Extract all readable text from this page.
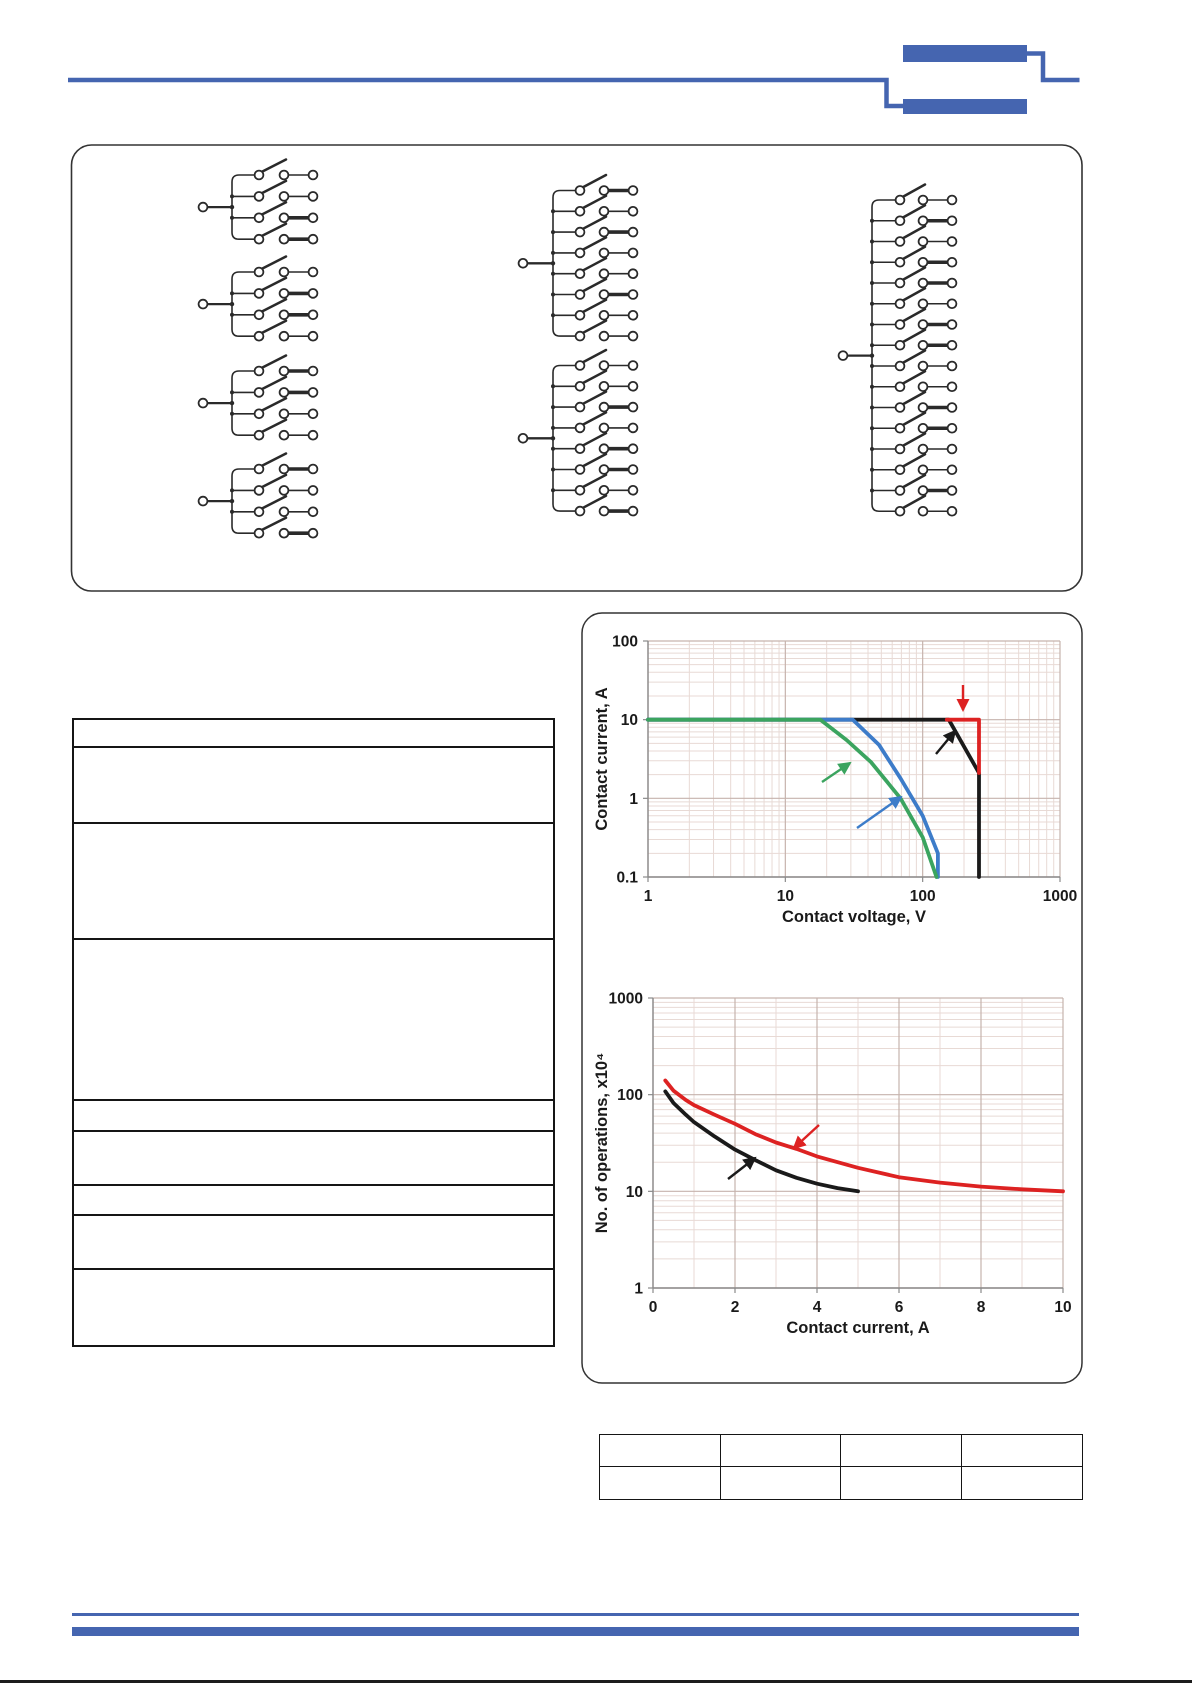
1	10	100	1000
0.1
1
10
100
Contact voltage, V
Contact current, A
0	2	4	6	8	10
1
10
100
1000
Contact current, A
No. of operations, x10⁴
